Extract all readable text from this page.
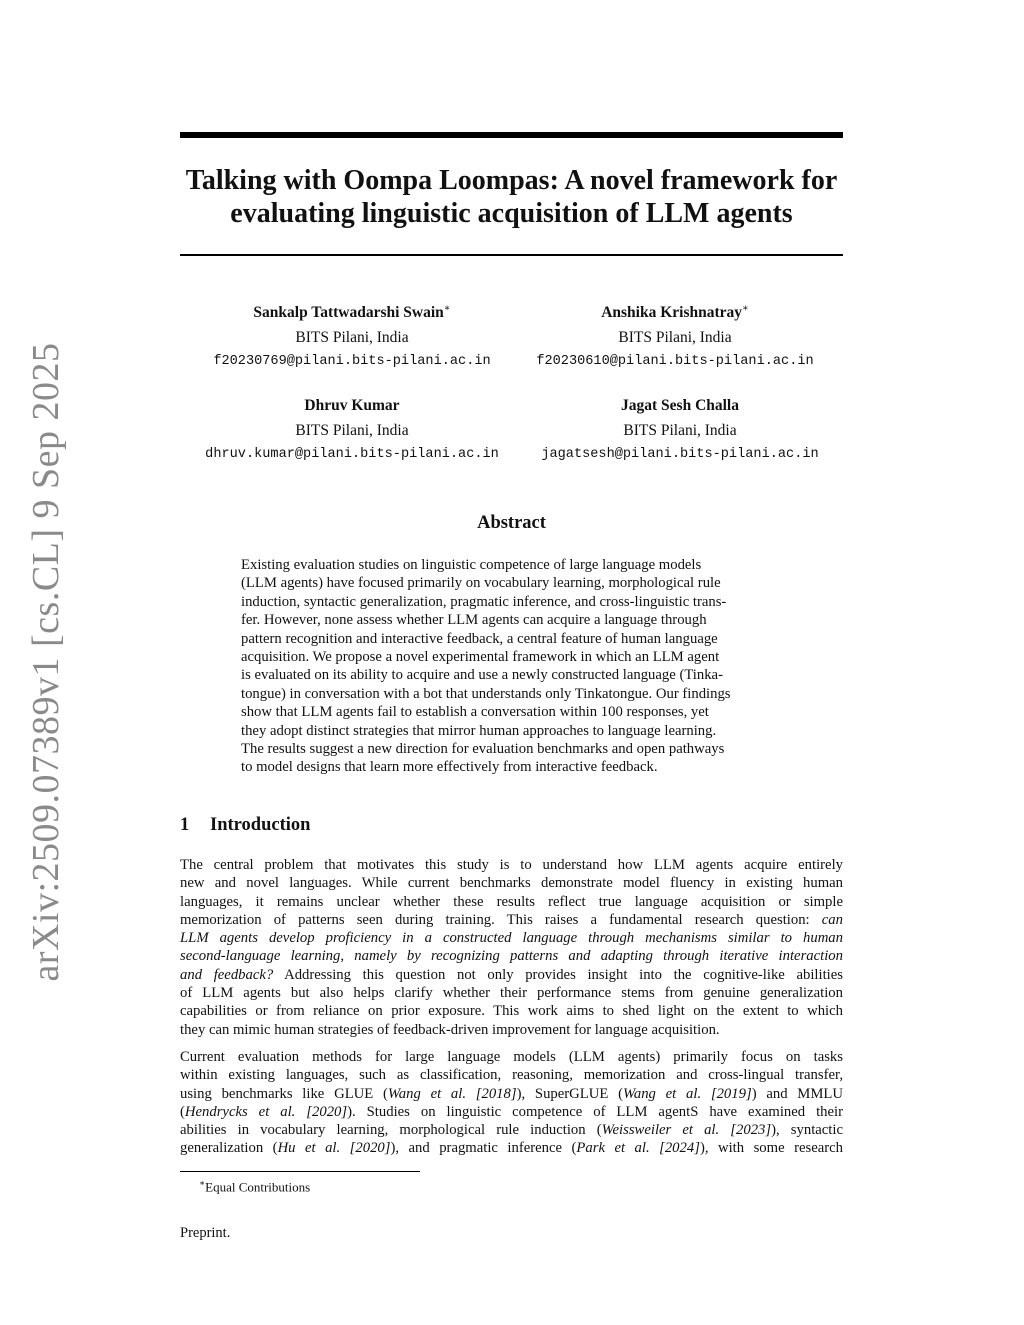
arXiv:2509.07389v1 [cs.CL] 9 Sep 2025
Talking with Oompa Loompas: A novel framework for
evaluating linguistic acquisition of LLM agents
Sankalp Tattwadarshi Swain∗
BITS Pilani, India
f20230769@pilani.bits-pilani.ac.in
Anshika Krishnatray∗
BITS Pilani, India
f20230610@pilani.bits-pilani.ac.in
Dhruv Kumar
BITS Pilani, India
dhruv.kumar@pilani.bits-pilani.ac.in
Jagat Sesh Challa
BITS Pilani, India
jagatsesh@pilani.bits-pilani.ac.in
Abstract
Existing evaluation studies on linguistic competence of large language models
(LLM agents) have focused primarily on vocabulary learning, morphological rule
induction, syntactic generalization, pragmatic inference, and cross-linguistic trans-
fer. However, none assess whether LLM agents can acquire a language through
pattern recognition and interactive feedback, a central feature of human language
acquisition. We propose a novel experimental framework in which an LLM agent
is evaluated on its ability to acquire and use a newly constructed language (Tinka-
tongue) in conversation with a bot that understands only Tinkatongue. Our findings
show that LLM agents fail to establish a conversation within 100 responses, yet
they adopt distinct strategies that mirror human approaches to language learning.
The results suggest a new direction for evaluation benchmarks and open pathways
to model designs that learn more effectively from interactive feedback.
1 Introduction
The central problem that motivates this study is to understand how LLM agents acquire entirely
new and novel languages. While current benchmarks demonstrate model fluency in existing human
languages, it remains unclear whether these results reflect true language acquisition or simple
memorization of patterns seen during training. This raises a fundamental research question: can
LLM agents develop proficiency in a constructed language through mechanisms similar to human
second-language learning, namely by recognizing patterns and adapting through iterative interaction
and feedback? Addressing this question not only provides insight into the cognitive-like abilities
of LLM agents but also helps clarify whether their performance stems from genuine generalization
capabilities or from reliance on prior exposure. This work aims to shed light on the extent to which
they can mimic human strategies of feedback-driven improvement for language acquisition.
Current evaluation methods for large language models (LLM agents) primarily focus on tasks
within existing languages, such as classification, reasoning, memorization and cross-lingual transfer,
using benchmarks like GLUE (Wang et al. [2018]), SuperGLUE (Wang et al. [2019]) and MMLU
(Hendrycks et al. [2020]). Studies on linguistic competence of LLM agentS have examined their
abilities in vocabulary learning, morphological rule induction (Weissweiler et al. [2023]), syntactic
generalization (Hu et al. [2020]), and pragmatic inference (Park et al. [2024]), with some research
∗Equal Contributions
Preprint.
